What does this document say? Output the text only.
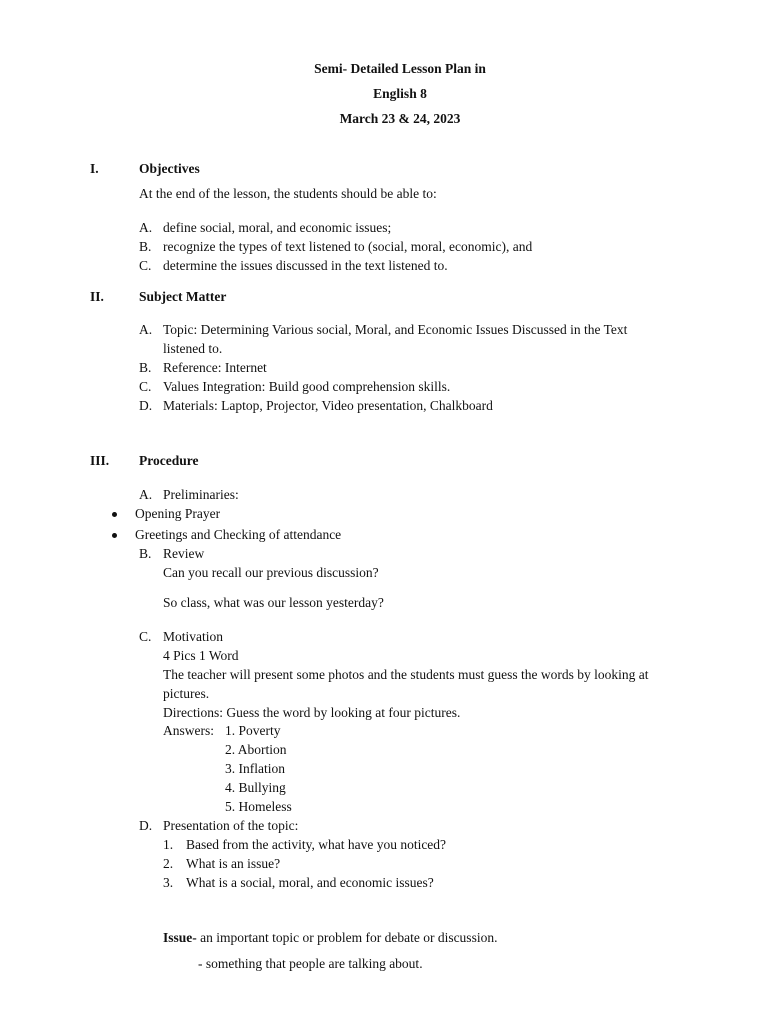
Semi- Detailed Lesson Plan in
English 8
March 23 & 24, 2023
I.	Objectives
At the end of the lesson, the students should be able to:
A. define social, moral, and economic issues;
B. recognize the types of text listened to (social, moral, economic), and
C. determine the issues discussed in the text listened to.
II.	Subject Matter
A. Topic: Determining Various social, Moral, and Economic Issues Discussed in the Text
listened to.
B. Reference: Internet
C. Values Integration: Build good comprehension skills.
D. Materials: Laptop, Projector, Video presentation, Chalkboard
III. Procedure
A. Preliminaries:
Opening Prayer
Greetings and Checking of attendance
B. Review
Can you recall our previous discussion?
So class, what was our lesson yesterday?
C. Motivation
4 Pics 1 Word
The teacher will present some photos and the students must guess the words by looking at
pictures.
Directions: Guess the word by looking at four pictures.
Answers: 1. Poverty
2. Abortion
3. Inflation
4. Bullying
5. Homeless
D. Presentation of the topic:
1. Based from the activity, what have you noticed?
2. What is an issue?
3. What is a social, moral, and economic issues?
Issue- an important topic or problem for debate or discussion.
- something that people are talking about.
